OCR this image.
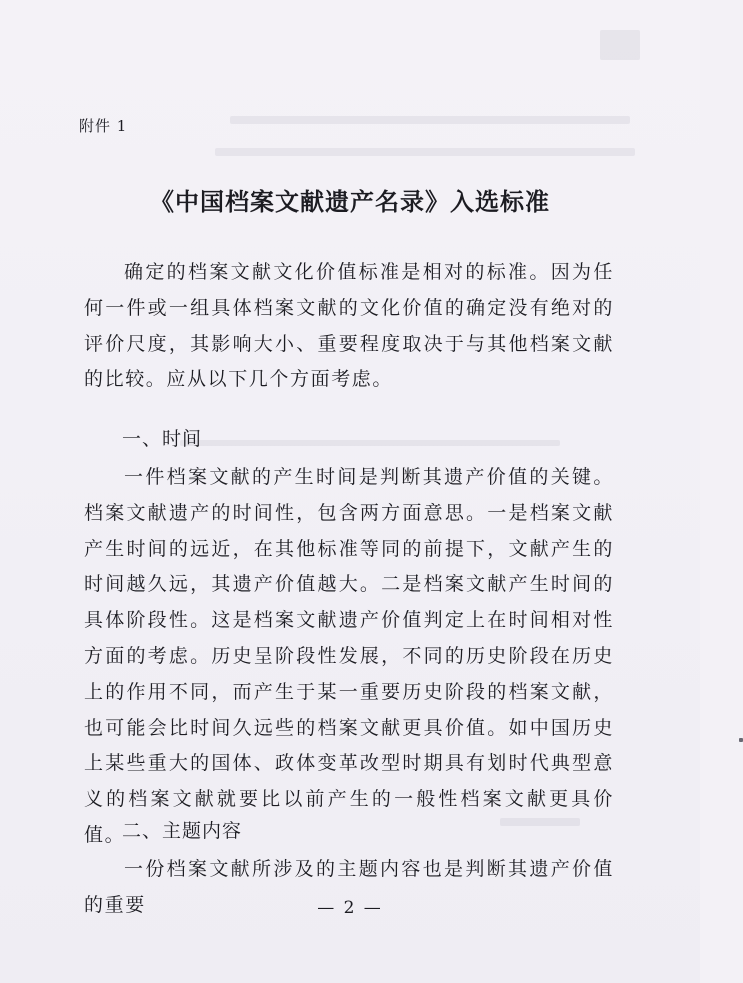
附件 1
《中国档案文献遗产名录》入选标准
确定的档案文献文化价值标准是相对的标准。因为任何一件或一组具体档案文献的文化价值的确定没有绝对的评价尺度，其影响大小、重要程度取决于与其他档案文献的比较。应从以下几个方面考虑。
一、时间
一件档案文献的产生时间是判断其遗产价值的关键。档案文献遗产的时间性，包含两方面意思。一是档案文献产生时间的远近，在其他标准等同的前提下，文献产生的时间越久远，其遗产价值越大。二是档案文献产生时间的具体阶段性。这是档案文献遗产价值判定上在时间相对性方面的考虑。历史呈阶段性发展，不同的历史阶段在历史上的作用不同，而产生于某一重要历史阶段的档案文献，也可能会比时间久远些的档案文献更具价值。如中国历史上某些重大的国体、政体变革改型时期具有划时代典型意义的档案文献就要比以前产生的一般性档案文献更具价值。
二、主题内容
一份档案文献所涉及的主题内容也是判断其遗产价值的重要	— 2 —
